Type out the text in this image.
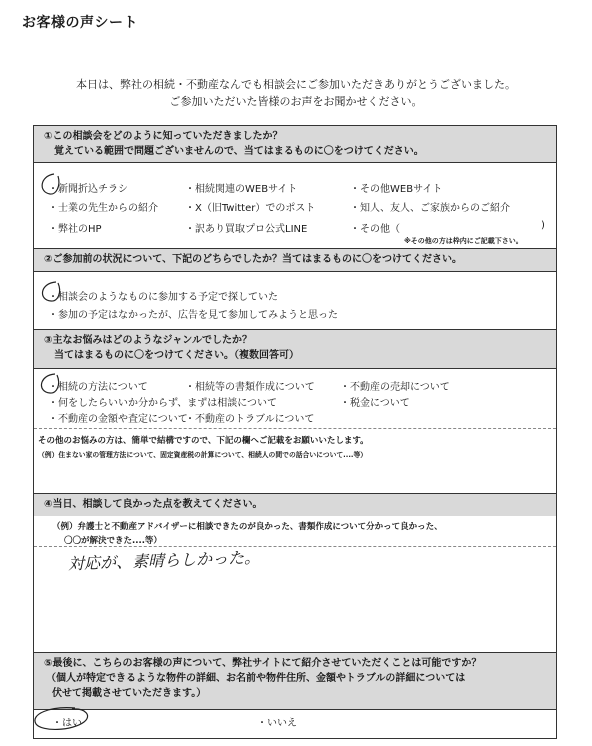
お客様の声シート
本日は、弊社の相続・不動産なんでも相談会にご参加いただきありがとうございました。
ご参加いただいた皆様のお声をお聞かせください。
①この相談会をどのように知っていただきましたか？
覚えている範囲で問題ございませんので、当てはまるものに〇をつけてください。
・新聞折込チラシ	・相続関連のWEBサイト	・その他WEBサイト
・士業の先生からの紹介	・X（旧Twitter）でのポスト	・知人、友人、ご家族からのご紹介
・弊社のHP	・訳あり買取プロ公式LINE	・その他（	)
※その他の方は枠内にご記載下さい。
②ご参加前の状況について、下記のどちらでしたか？当てはまるものに〇をつけてください。
・相談会のようなものに参加する予定で探していた
・参加の予定はなかったが、広告を見て参加してみようと思った
③主なお悩みはどのようなジャンルでしたか？
当てはまるものに〇をつけてください。（複数回答可）
・相続の方法について	・相続等の書類作成について	・不動産の売却について
・何をしたらいいか分からず、まずは相談について	・税金について
・不動産の金額や査定について
・不動産のトラブルについて
その他のお悩みの方は、簡単で結構ですので、下記の欄へご記載をお願いいたします。
（例）住まない家の管理方法について、固定資産税の計算について、相続人の間での話合いについて....等）
④当日、相談して良かった点を教えてください。
（例）弁護士と不動産アドバイザーに相談できたのが良かった、書類作成について分かって良かった、
〇〇が解決できた....等）
対応が、素晴らしかった。
⑤最後に、こちらのお客様の声について、弊社サイトにて紹介させていただくことは可能ですか？
（個人が特定できるような物件の詳細、お名前や物件住所、金額やトラブルの詳細については
伏せて掲載させていただきます。）
・はい	・いいえ
